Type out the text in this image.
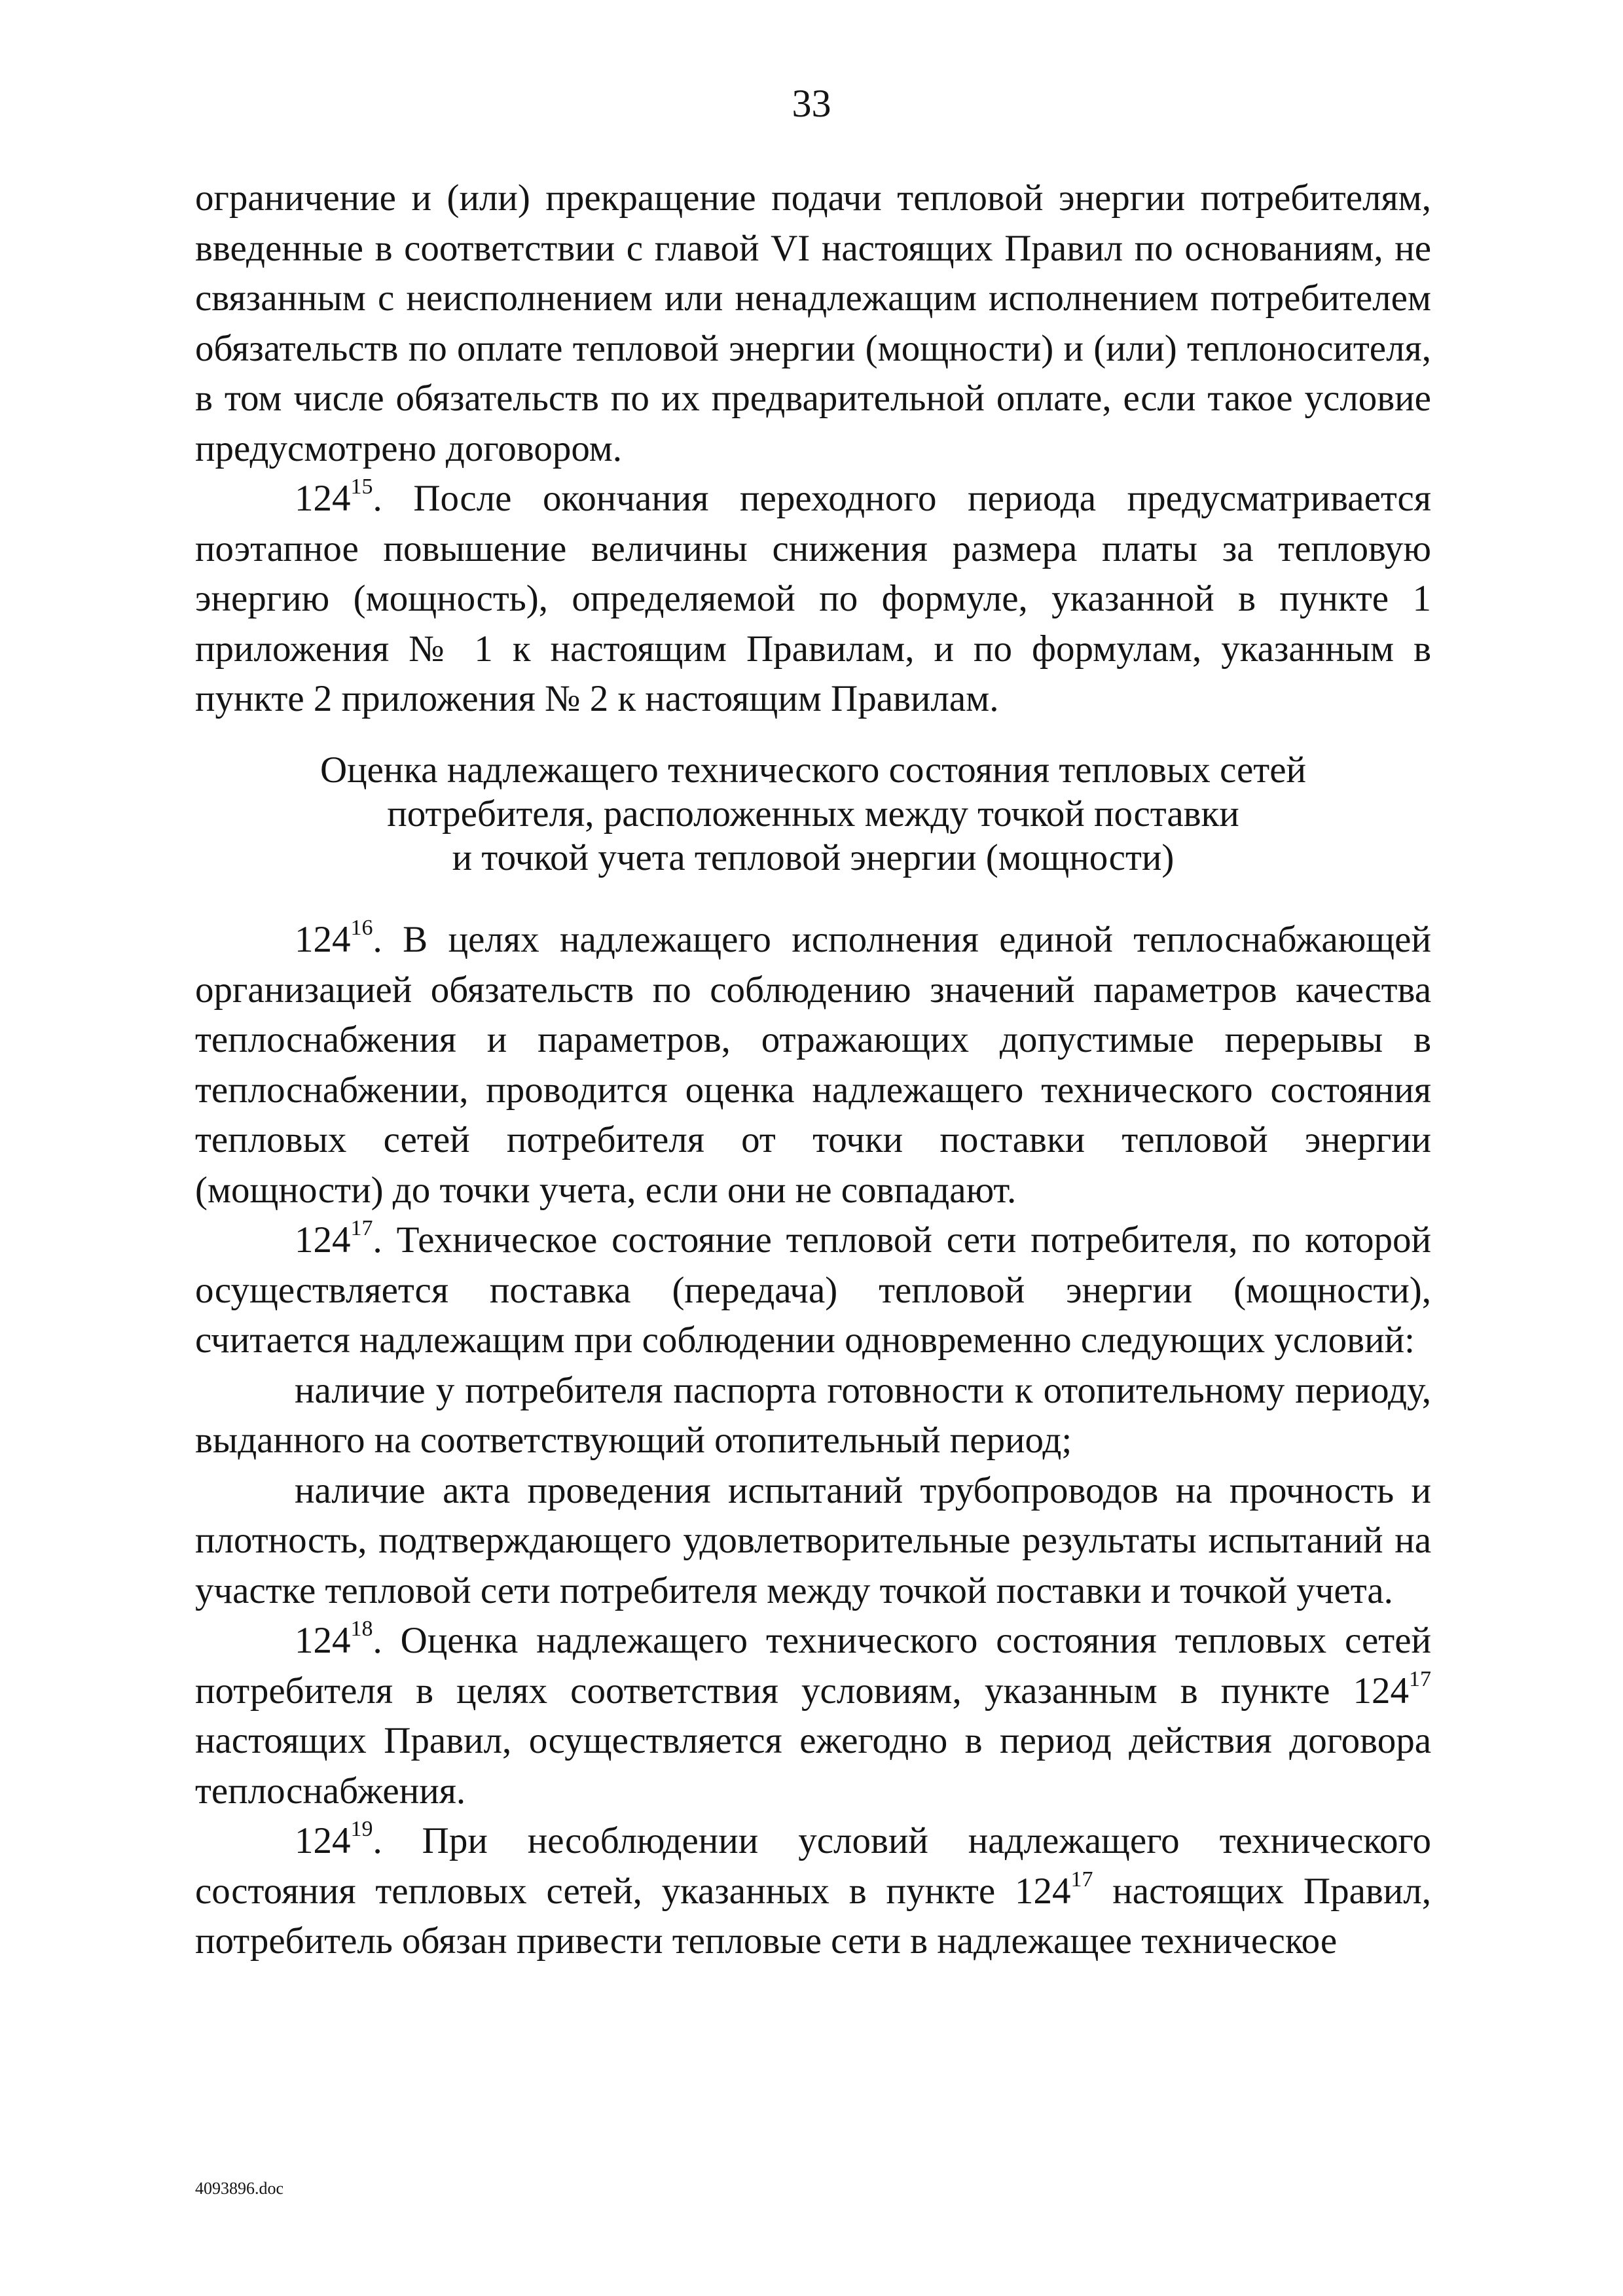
33

ограничение и (или) прекращение подачи тепловой энергии потребителям, введенные в соответствии с главой VI настоящих Правил по основаниям, не связанным с неисполнением или ненадлежащим исполнением потребителем обязательств по оплате тепловой энергии (мощности) и (или) теплоносителя, в том числе обязательств по их предварительной оплате, если такое условие предусмотрено договором.

$124^{15}$. После окончания переходного периода предусматривается поэтапное повышение величины снижения размера платы за тепловую энергию (мощность), определяемой по формуле, указанной в пункте 1 приложения № 1 к настоящим Правилам, и по формулам, указанным в пункте 2 приложения № 2 к настоящим Правилам.

Оценка надлежащего технического состояния тепловых сетей
потребителя, расположенных между точкой поставки
и точкой учета тепловой энергии (мощности)

$124^{16}$. В целях надлежащего исполнения единой теплоснабжающей организацией обязательств по соблюдению значений параметров качества теплоснабжения и параметров, отражающих допустимые перерывы в теплоснабжении, проводится оценка надлежащего технического состояния тепловых сетей потребителя от точки поставки тепловой энергии (мощности) до точки учета, если они не совпадают.

$124^{17}$. Техническое состояние тепловой сети потребителя, по которой осуществляется поставка (передача) тепловой энергии (мощности), считается надлежащим при соблюдении одновременно следующих условий:

наличие у потребителя паспорта готовности к отопительному периоду, выданного на соответствующий отопительный период;

наличие акта проведения испытаний трубопроводов на прочность и плотность, подтверждающего удовлетворительные результаты испытаний на участке тепловой сети потребителя между точкой поставки и точкой учета.

$124^{18}$. Оценка надлежащего технического состояния тепловых сетей потребителя в целях соответствия условиям, указанным в пункте $124^{17}$ настоящих Правил, осуществляется ежегодно в период действия договора теплоснабжения.

$124^{19}$. При несоблюдении условий надлежащего технического состояния тепловых сетей, указанных в пункте $124^{17}$ настоящих Правил, потребитель обязан привести тепловые сети в надлежащее техническое

4093896.doc
